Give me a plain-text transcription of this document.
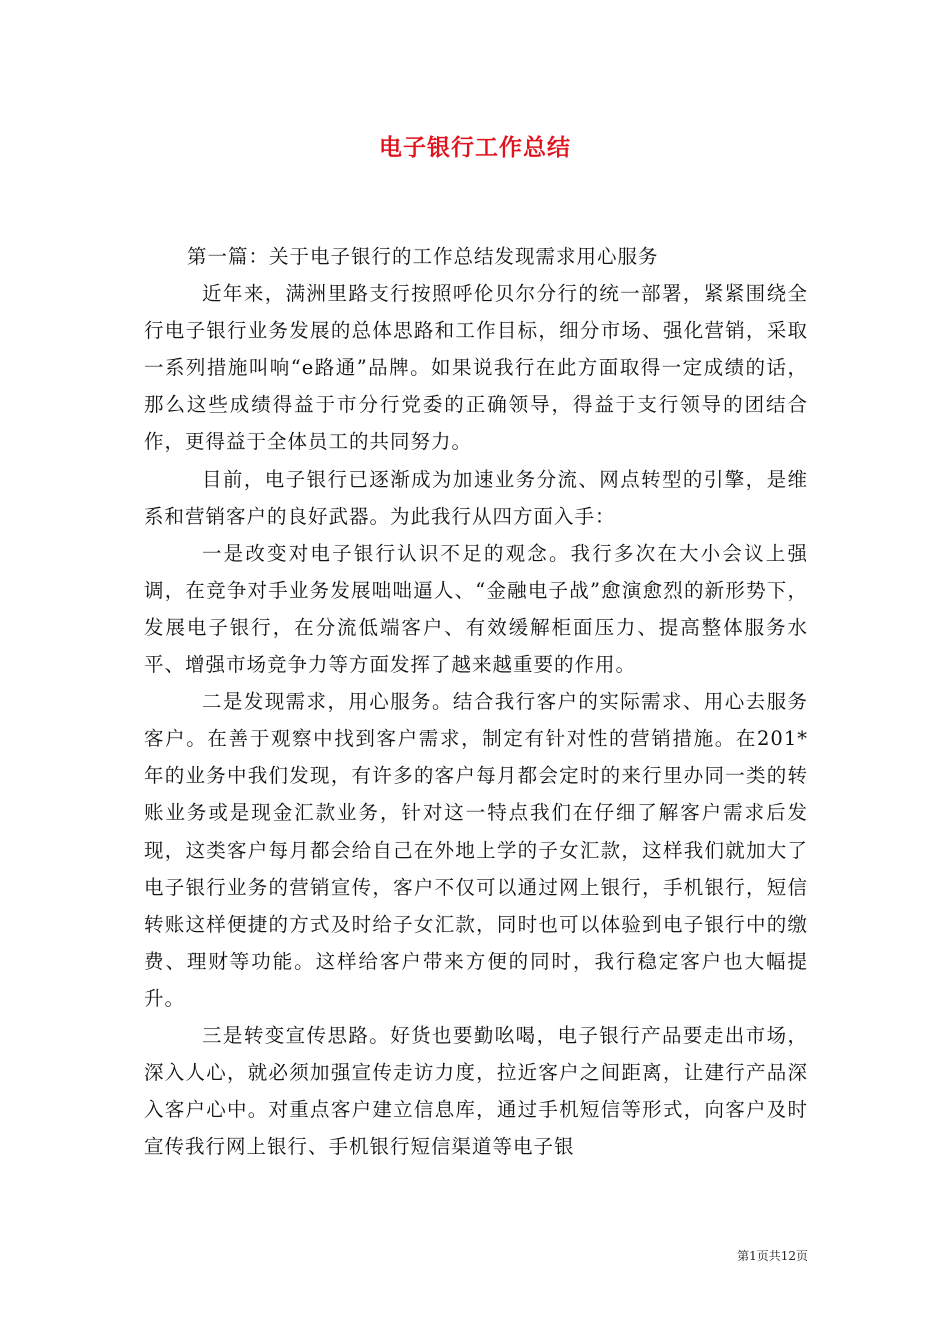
电子银行工作总结

第一篇：关于电子银行的工作总结发现需求用心服务

近年来，满洲里路支行按照呼伦贝尔分行的统一部署，紧紧围绕全行电子银行业务发展的总体思路和工作目标，细分市场、强化营销，采取一系列措施叫响“e路通”品牌。如果说我行在此方面取得一定成绩的话，那么这些成绩得益于市分行党委的正确领导，得益于支行领导的团结合作，更得益于全体员工的共同努力。

目前，电子银行已逐渐成为加速业务分流、网点转型的引擎，是维系和营销客户的良好武器。为此我行从四方面入手：

一是改变对电子银行认识不足的观念。我行多次在大小会议上强调，在竞争对手业务发展咄咄逼人、“金融电子战”愈演愈烈的新形势下，发展电子银行，在分流低端客户、有效缓解柜面压力、提高整体服务水平、增强市场竞争力等方面发挥了越来越重要的作用。

二是发现需求，用心服务。结合我行客户的实际需求、用心去服务客户。在善于观察中找到客户需求，制定有针对性的营销措施。在201*年的业务中我们发现，有许多的客户每月都会定时的来行里办同一类的转账业务或是现金汇款业务，针对这一特点我们在仔细了解客户需求后发现，这类客户每月都会给自己在外地上学的子女汇款，这样我们就加大了电子银行业务的营销宣传，客户不仅可以通过网上银行，手机银行，短信转账这样便捷的方式及时给子女汇款，同时也可以体验到电子银行中的缴费、理财等功能。这样给客户带来方便的同时，我行稳定客户也大幅提升。

三是转变宣传思路。好货也要勤吆喝，电子银行产品要走出市场，深入人心，就必须加强宣传走访力度，拉近客户之间距离，让建行产品深入客户心中。对重点客户建立信息库，通过手机短信等形式，向客户及时宣传我行网上银行、手机银行短信渠道等电子银

第1页共12页
